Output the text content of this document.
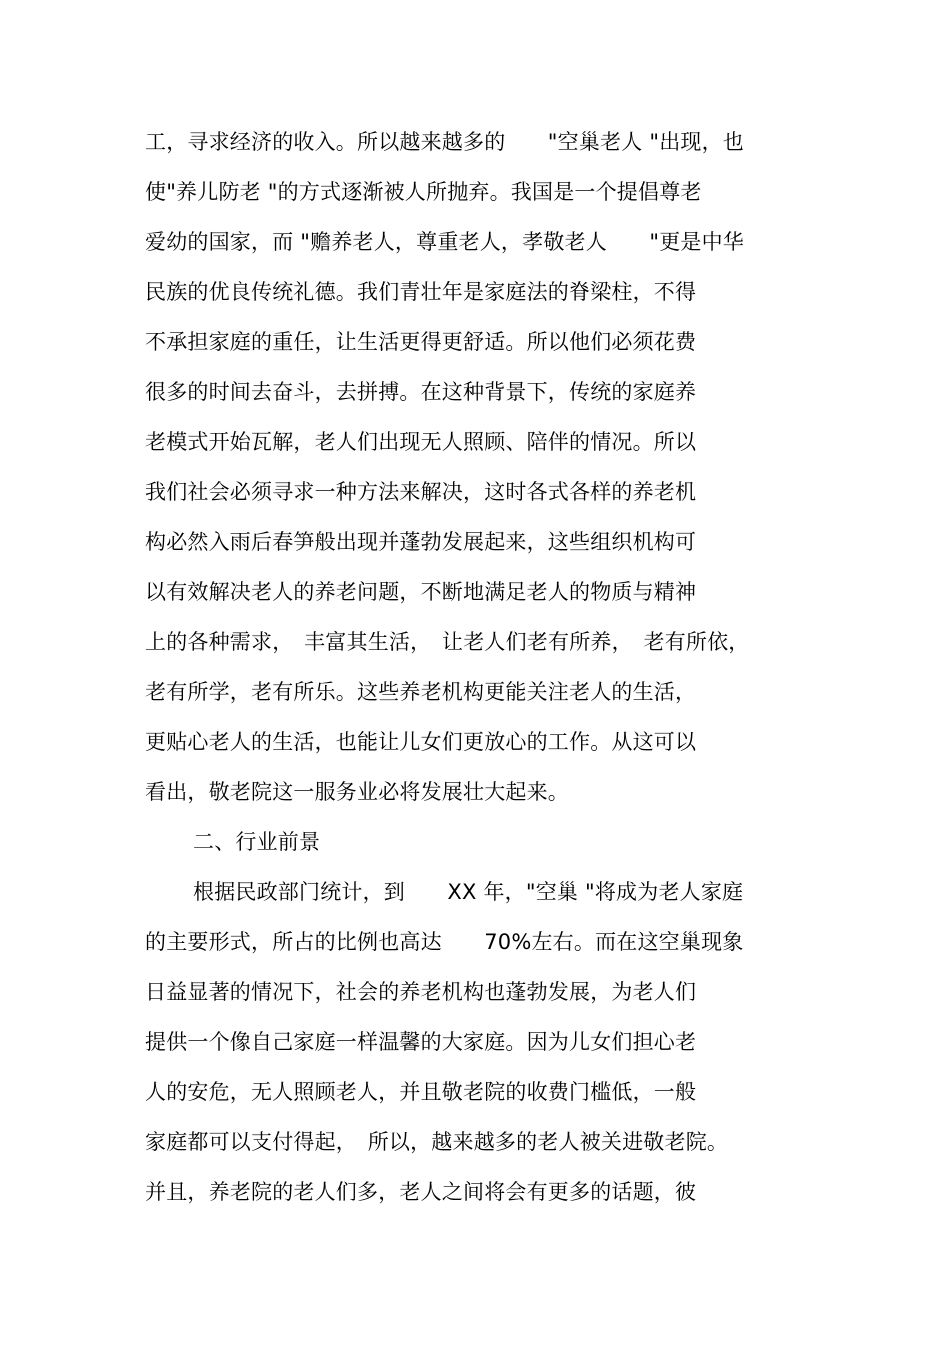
工，寻求经济的收入。所以越来越多的　　"空巢老人 "出现，也
使"养儿防老 "的方式逐渐被人所抛弃。我国是一个提倡尊老
爱幼的国家，而 "赡养老人，尊重老人，孝敬老人　　"更是中华
民族的优良传统礼德。我们青壮年是家庭法的脊梁柱，不得
不承担家庭的重任，让生活更得更舒适。所以他们必须花费
很多的时间去奋斗，去拼搏。在这种背景下，传统的家庭养
老模式开始瓦解，老人们出现无人照顾、陪伴的情况。所以
我们社会必须寻求一种方法来解决，这时各式各样的养老机
构必然入雨后春笋般出现并蓬勃发展起来，这些组织机构可
以有效解决老人的养老问题，不断地满足老人的物质与精神
上的各种需求，　丰富其生活，　让老人们老有所养，　老有所依，
老有所学，老有所乐。这些养老机构更能关注老人的生活，
更贴心老人的生活，也能让儿女们更放心的工作。从这可以
看出，敬老院这一服务业必将发展壮大起来。
二、行业前景
根据民政部门统计，到　　XX 年，"空巢 "将成为老人家庭
的主要形式，所占的比例也高达　　70%左右。而在这空巢现象
日益显著的情况下，社会的养老机构也蓬勃发展，为老人们
提供一个像自己家庭一样温馨的大家庭。因为儿女们担心老
人的安危，无人照顾老人，并且敬老院的收费门槛低，一般
家庭都可以支付得起，　所以，越来越多的老人被关进敬老院。
并且，养老院的老人们多，老人之间将会有更多的话题，彼
